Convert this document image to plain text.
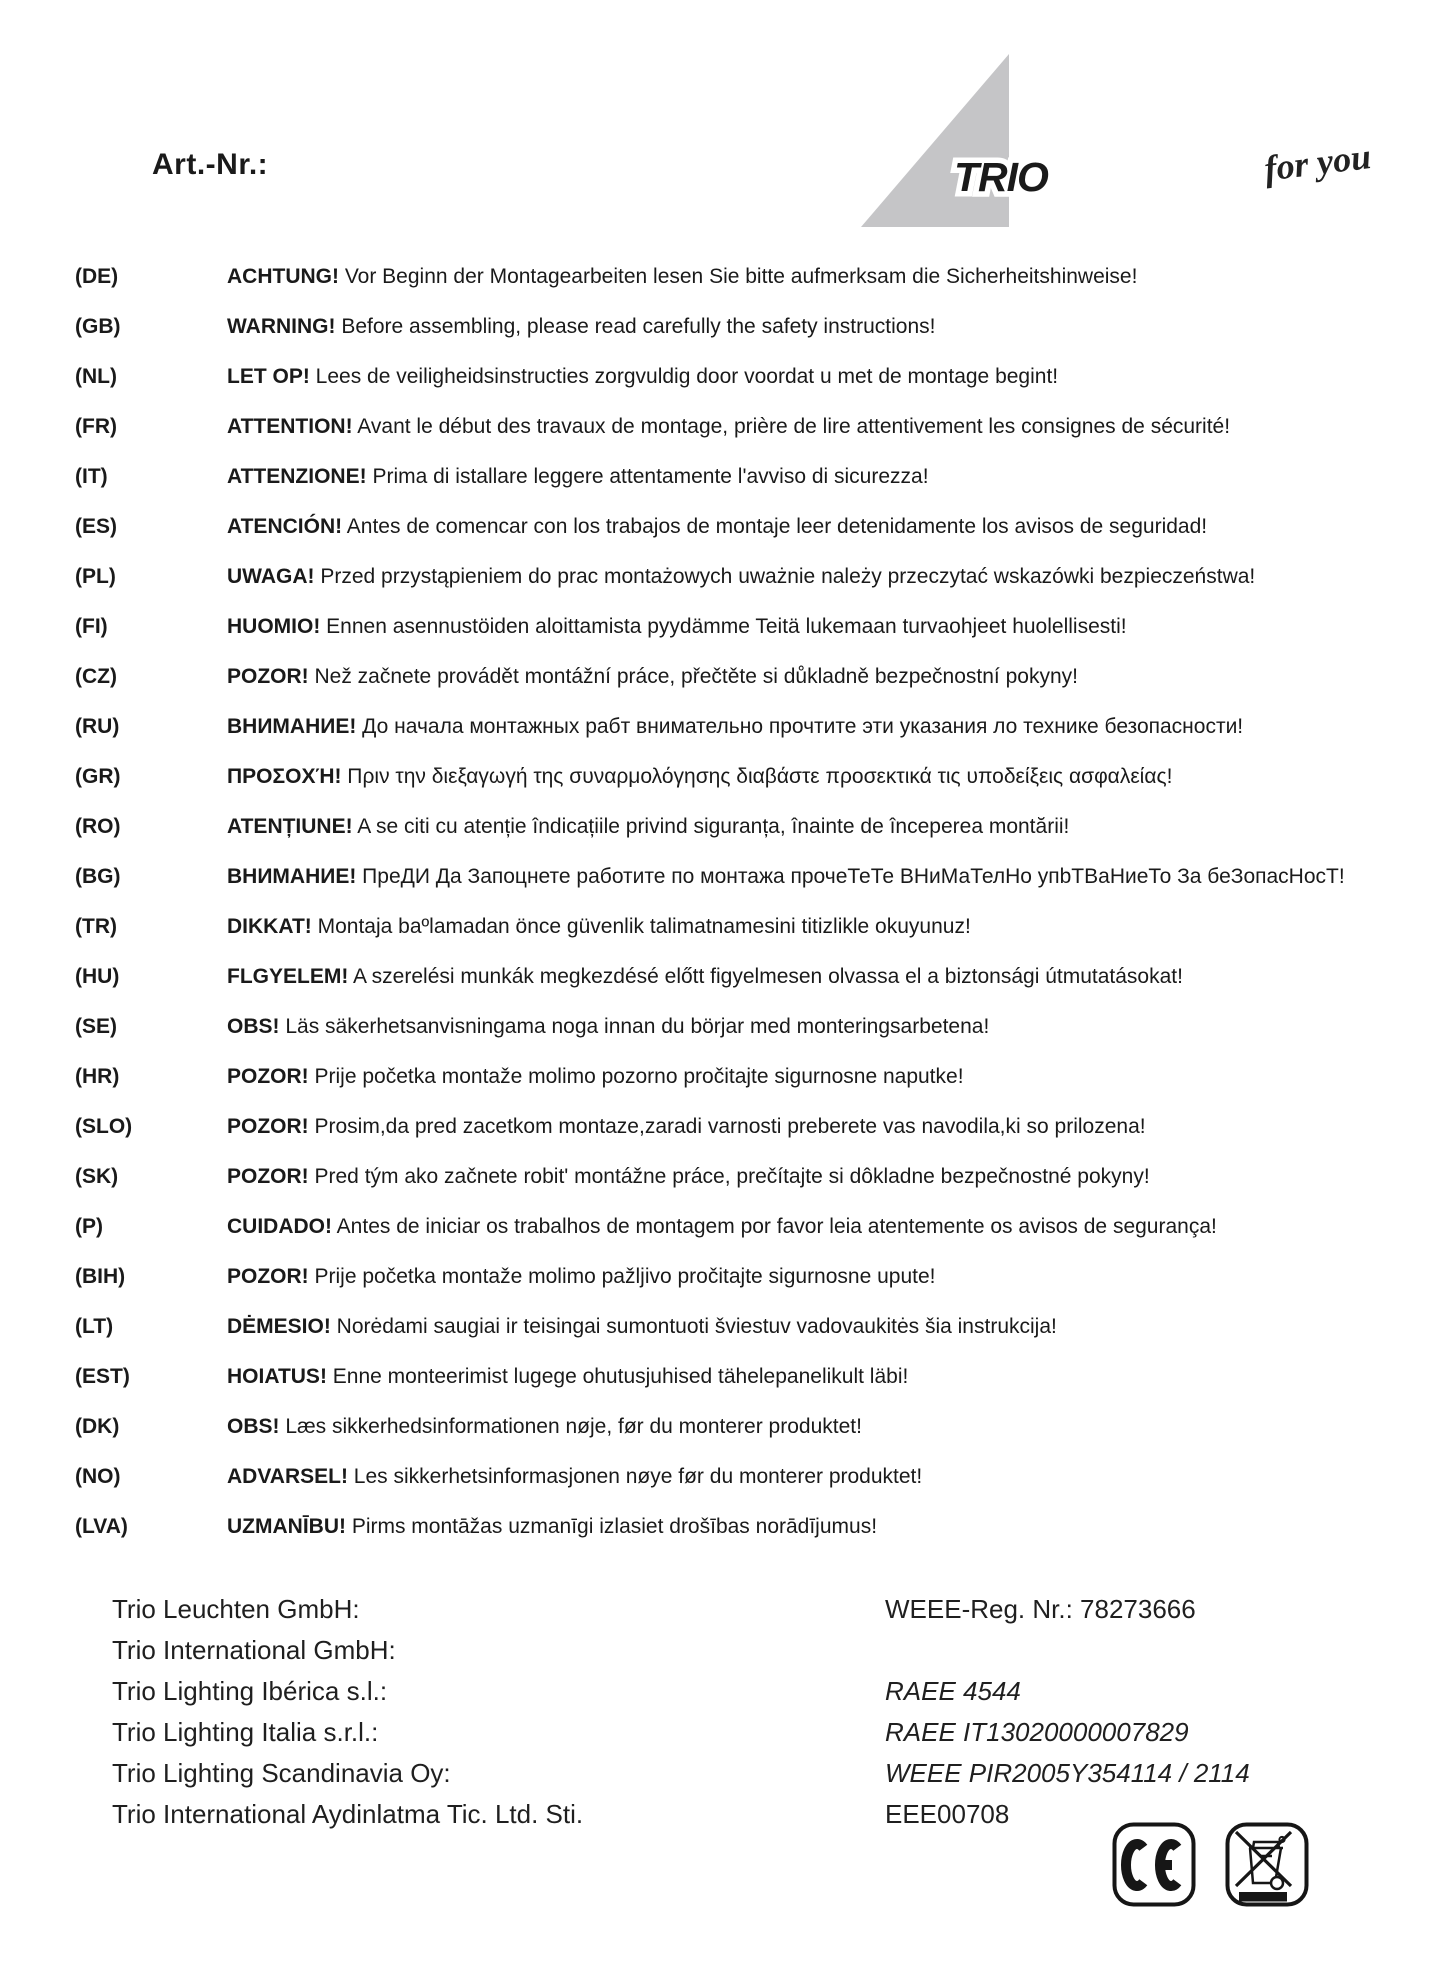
Art.-Nr.:	TRIO	for you
(DE)	ACHTUNG! Vor Beginn der Montagearbeiten lesen Sie bitte aufmerksam die Sicherheitshinweise!
(GB)	WARNING! Before assembling, please read carefully the safety instructions!
(NL)	LET OP! Lees de veiligheidsinstructies zorgvuldig door voordat u met de montage begint!
(FR)	ATTENTION! Avant le début des travaux de montage, prière de lire attentivement les consignes de sécurité!
(IT)	ATTENZIONE! Prima di istallare leggere attentamente l'avviso di sicurezza!
(ES)	ATENCIÓN! Antes de comencar con los trabajos de montaje leer detenidamente los avisos de seguridad!
(PL)	UWAGA! Przed przystąpieniem do prac montażowych uważnie należy przeczytać wskazówki bezpieczeństwa!
(FI)	HUOMIO! Ennen asennustöiden aloittamista pyydämme Teitä lukemaan turvaohjeet huolellisesti!
(CZ)	POZOR! Než začnete provádět montážní práce, přečtěte si důkladně bezpečnostní pokyny!
(RU)	ВНИМАНИЕ! До начала монтажных рабт внимательно прочтите эти указания ло технике безопасности!
(GR)	ΠΡΟΣΟΧΉ! Πριν την διεξαγωγή της συναρμολόγησης διαβάστε προσεκτικά τις υποδείξεις ασφαλείας!
(RO)	ATENȚIUNE! A se citi cu atenție îndicațiile privind siguranța, înainte de începerea montării!
(BG)	ВНИМАНИЕ! ПреДИ Да Запоцнете работите по монтажа прочеТеТе ВНиМаТелНо упbТВаНиеТо За беЗопасНосТ!
(TR)	DIKKAT! Montaja baºlamadan önce güvenlik talimatnamesini titizlikle okuyunuz!
(HU)	FLGYELEM! A szerelési munkák megkezdésé előtt figyelmesen olvassa el a biztonsági útmutatásokat!
(SE)	OBS! Läs säkerhetsanvisningama noga innan du börjar med monteringsarbetena!
(HR)	POZOR! Prije početka montaže molimo pozorno pročitajte sigurnosne naputke!
(SLO)	POZOR! Prosim,da pred zacetkom montaze,zaradi varnosti preberete vas navodila,ki so prilozena!
(SK)	POZOR! Pred tým ako začnete robit' montážne práce, prečítajte si dôkladne bezpečnostné pokyny!
(P)	CUIDADO! Antes de iniciar os trabalhos de montagem por favor leia atentemente os avisos de segurança!
(BIH)	POZOR! Prije početka montaže molimo pažljivo pročitajte sigurnosne upute!
(LT)	DĖMESIO! Norėdami saugiai ir teisingai sumontuoti šviestuv vadovaukitės šia instrukcija!
(EST)	HOIATUS! Enne monteerimist lugege ohutusjuhised tähelepanelikult läbi!
(DK)	OBS! Læs sikkerhedsinformationen nøje, før du monterer produktet!
(NO)	ADVARSEL! Les sikkerhetsinformasjonen nøye før du monterer produktet!
(LVA)	UZMANĪBU! Pirms montāžas uzmanīgi izlasiet drošības norādījumus!
Trio Leuchten GmbH:	WEEE-Reg. Nr.: 78273666
Trio International GmbH:
Trio Lighting Ibérica s.l.:	RAEE 4544
Trio Lighting Italia s.r.l.:	RAEE IT13020000007829
Trio Lighting Scandinavia Oy:	WEEE PIR2005Y354114 / 2114
Trio International Aydinlatma Tic. Ltd. Sti.	EEE00708
